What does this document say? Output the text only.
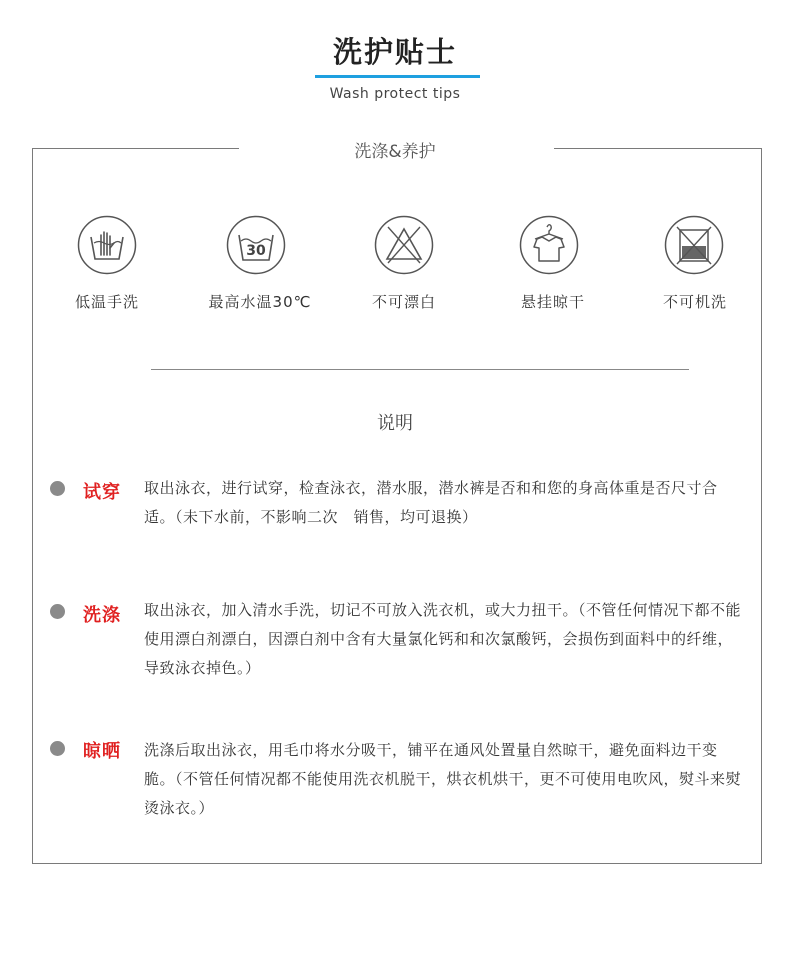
洗护贴士
Wash protect tips
洗涤&养护
30
低温手洗	最高水温30℃	不可漂白	悬挂晾干	不可机洗
说明
试穿 取出泳衣，进行试穿，检查泳衣，潜水服，潜水裤是否和和您的身高体重是否尺寸合适。（未下水前，不影响二次　销售，均可退换）
洗涤 取出泳衣，加入清水手洗，切记不可放入洗衣机，或大力扭干。（不管任何情况下都不能使用漂白剂漂白，因漂白剂中含有大量氯化钙和和次氯酸钙，会损伤到面料中的纤维，导致泳衣掉色。）
晾晒 洗涤后取出泳衣，用毛巾将水分吸干，铺平在通风处置量自然晾干，避免面料边干变脆。（不管任何情况都不能使用洗衣机脱干，烘衣机烘干，更不可使用电吹风，熨斗来熨烫泳衣。）
